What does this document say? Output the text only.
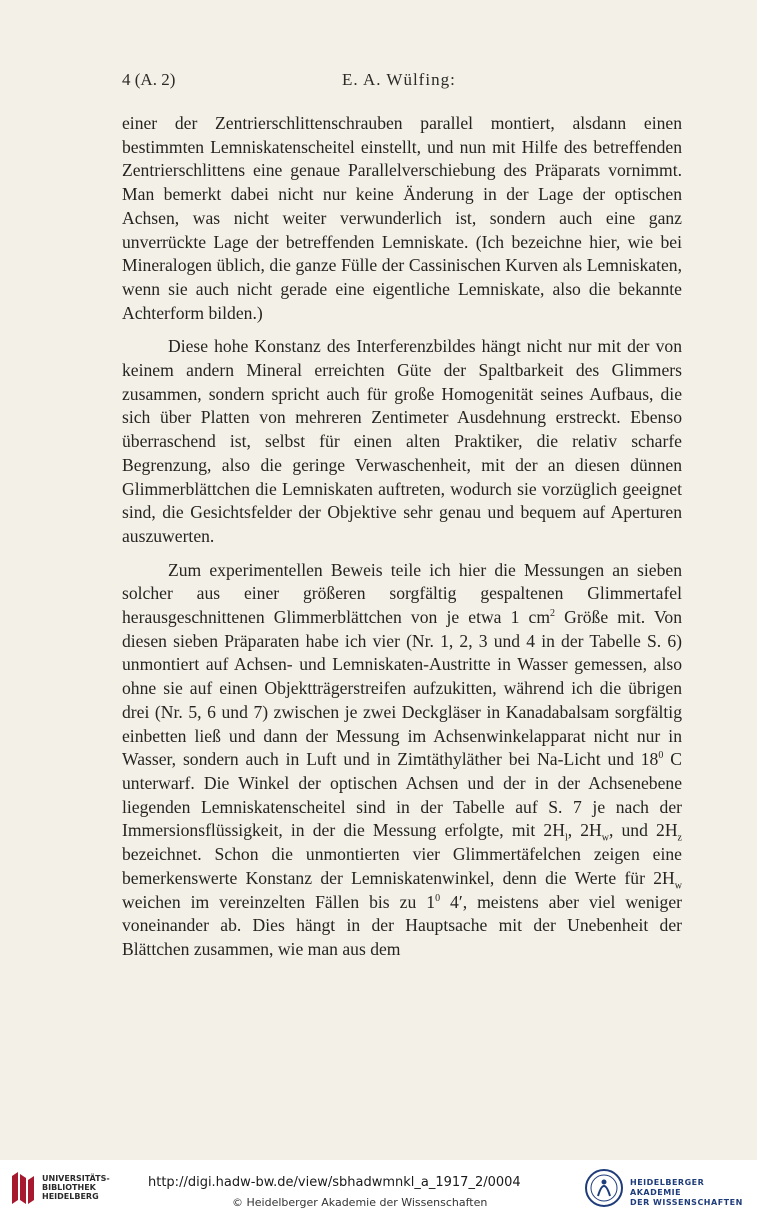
4 (A. 2)	E. A. Wülfing:

einer der Zentrierschlittenschrauben parallel montiert, alsdann einen bestimmten Lemniskatenscheitel einstellt, und nun mit Hilfe des betreffenden Zentrierschlittens eine genaue Parallelverschiebung des Präparats vornimmt. Man bemerkt dabei nicht nur keine Änderung in der Lage der optischen Achsen, was nicht weiter verwunderlich ist, sondern auch eine ganz unverrückte Lage der betreffenden Lemniskate. (Ich bezeichne hier, wie bei Mineralogen üblich, die ganze Fülle der Cassinischen Kurven als Lemniskaten, wenn sie auch nicht gerade eine eigentliche Lemniskate, also die bekannte Achterform bilden.)

Diese hohe Konstanz des Interferenzbildes hängt nicht nur mit der von keinem andern Mineral erreichten Güte der Spaltbarkeit des Glimmers zusammen, sondern spricht auch für große Homogenität seines Aufbaus, die sich über Platten von mehreren Zentimeter Ausdehnung erstreckt. Ebenso überraschend ist, selbst für einen alten Praktiker, die relativ scharfe Begrenzung, also die geringe Verwaschenheit, mit der an diesen dünnen Glimmerblättchen die Lemniskaten auftreten, wodurch sie vorzüglich geeignet sind, die Gesichtsfelder der Objektive sehr genau und bequem auf Aperturen auszuwerten.

Zum experimentellen Beweis teile ich hier die Messungen an sieben solcher aus einer größeren sorgfältig gespaltenen Glimmertafel herausgeschnittenen Glimmerblättchen von je etwa 1 $cm^2$ Größe mit. Von diesen sieben Präparaten habe ich vier (Nr. 1, 2, 3 und 4 in der Tabelle S. 6) unmontiert auf Achsen- und Lemniskaten-Austritte in Wasser gemessen, also ohne sie auf einen Objektträgerstreifen aufzukitten, während ich die übrigen drei (Nr. 5, 6 und 7) zwischen je zwei Deckgläser in Kanadabalsam sorgfältig einbetten ließ und dann der Messung im Achsenwinkelapparat nicht nur in Wasser, sondern auch in Luft und in Zimtäthyläther bei Na-Licht und $18^0$ C unterwarf. Die Winkel der optischen Achsen und der in der Achsenebene liegenden Lemniskatenscheitel sind in der Tabelle auf S. 7 je nach der Immersionsflüssigkeit, in der die Messung erfolgte, mit $2H_l$, $2H_w$, und $2H_z$ bezeichnet. Schon die unmontierten vier Glimmertäfelchen zeigen eine bemerkenswerte Konstanz der Lemniskatenwinkel, denn die Werte für $2H_w$ weichen im vereinzelten Fällen bis zu $1^0$ 4′, meistens aber viel weniger voneinander ab. Dies hängt in der Hauptsache mit der Unebenheit der Blättchen zusammen, wie man aus dem

UNIVERSITÄTS-
BIBLIOTHEK
HEIDELBERG
http://digi.hadw-bw.de/view/sbhadwmnkl_a_1917_2/0004
© Heidelberger Akademie der Wissenschaften
HEIDELBERGER AKADEMIE
DER WISSENSCHAFTEN
